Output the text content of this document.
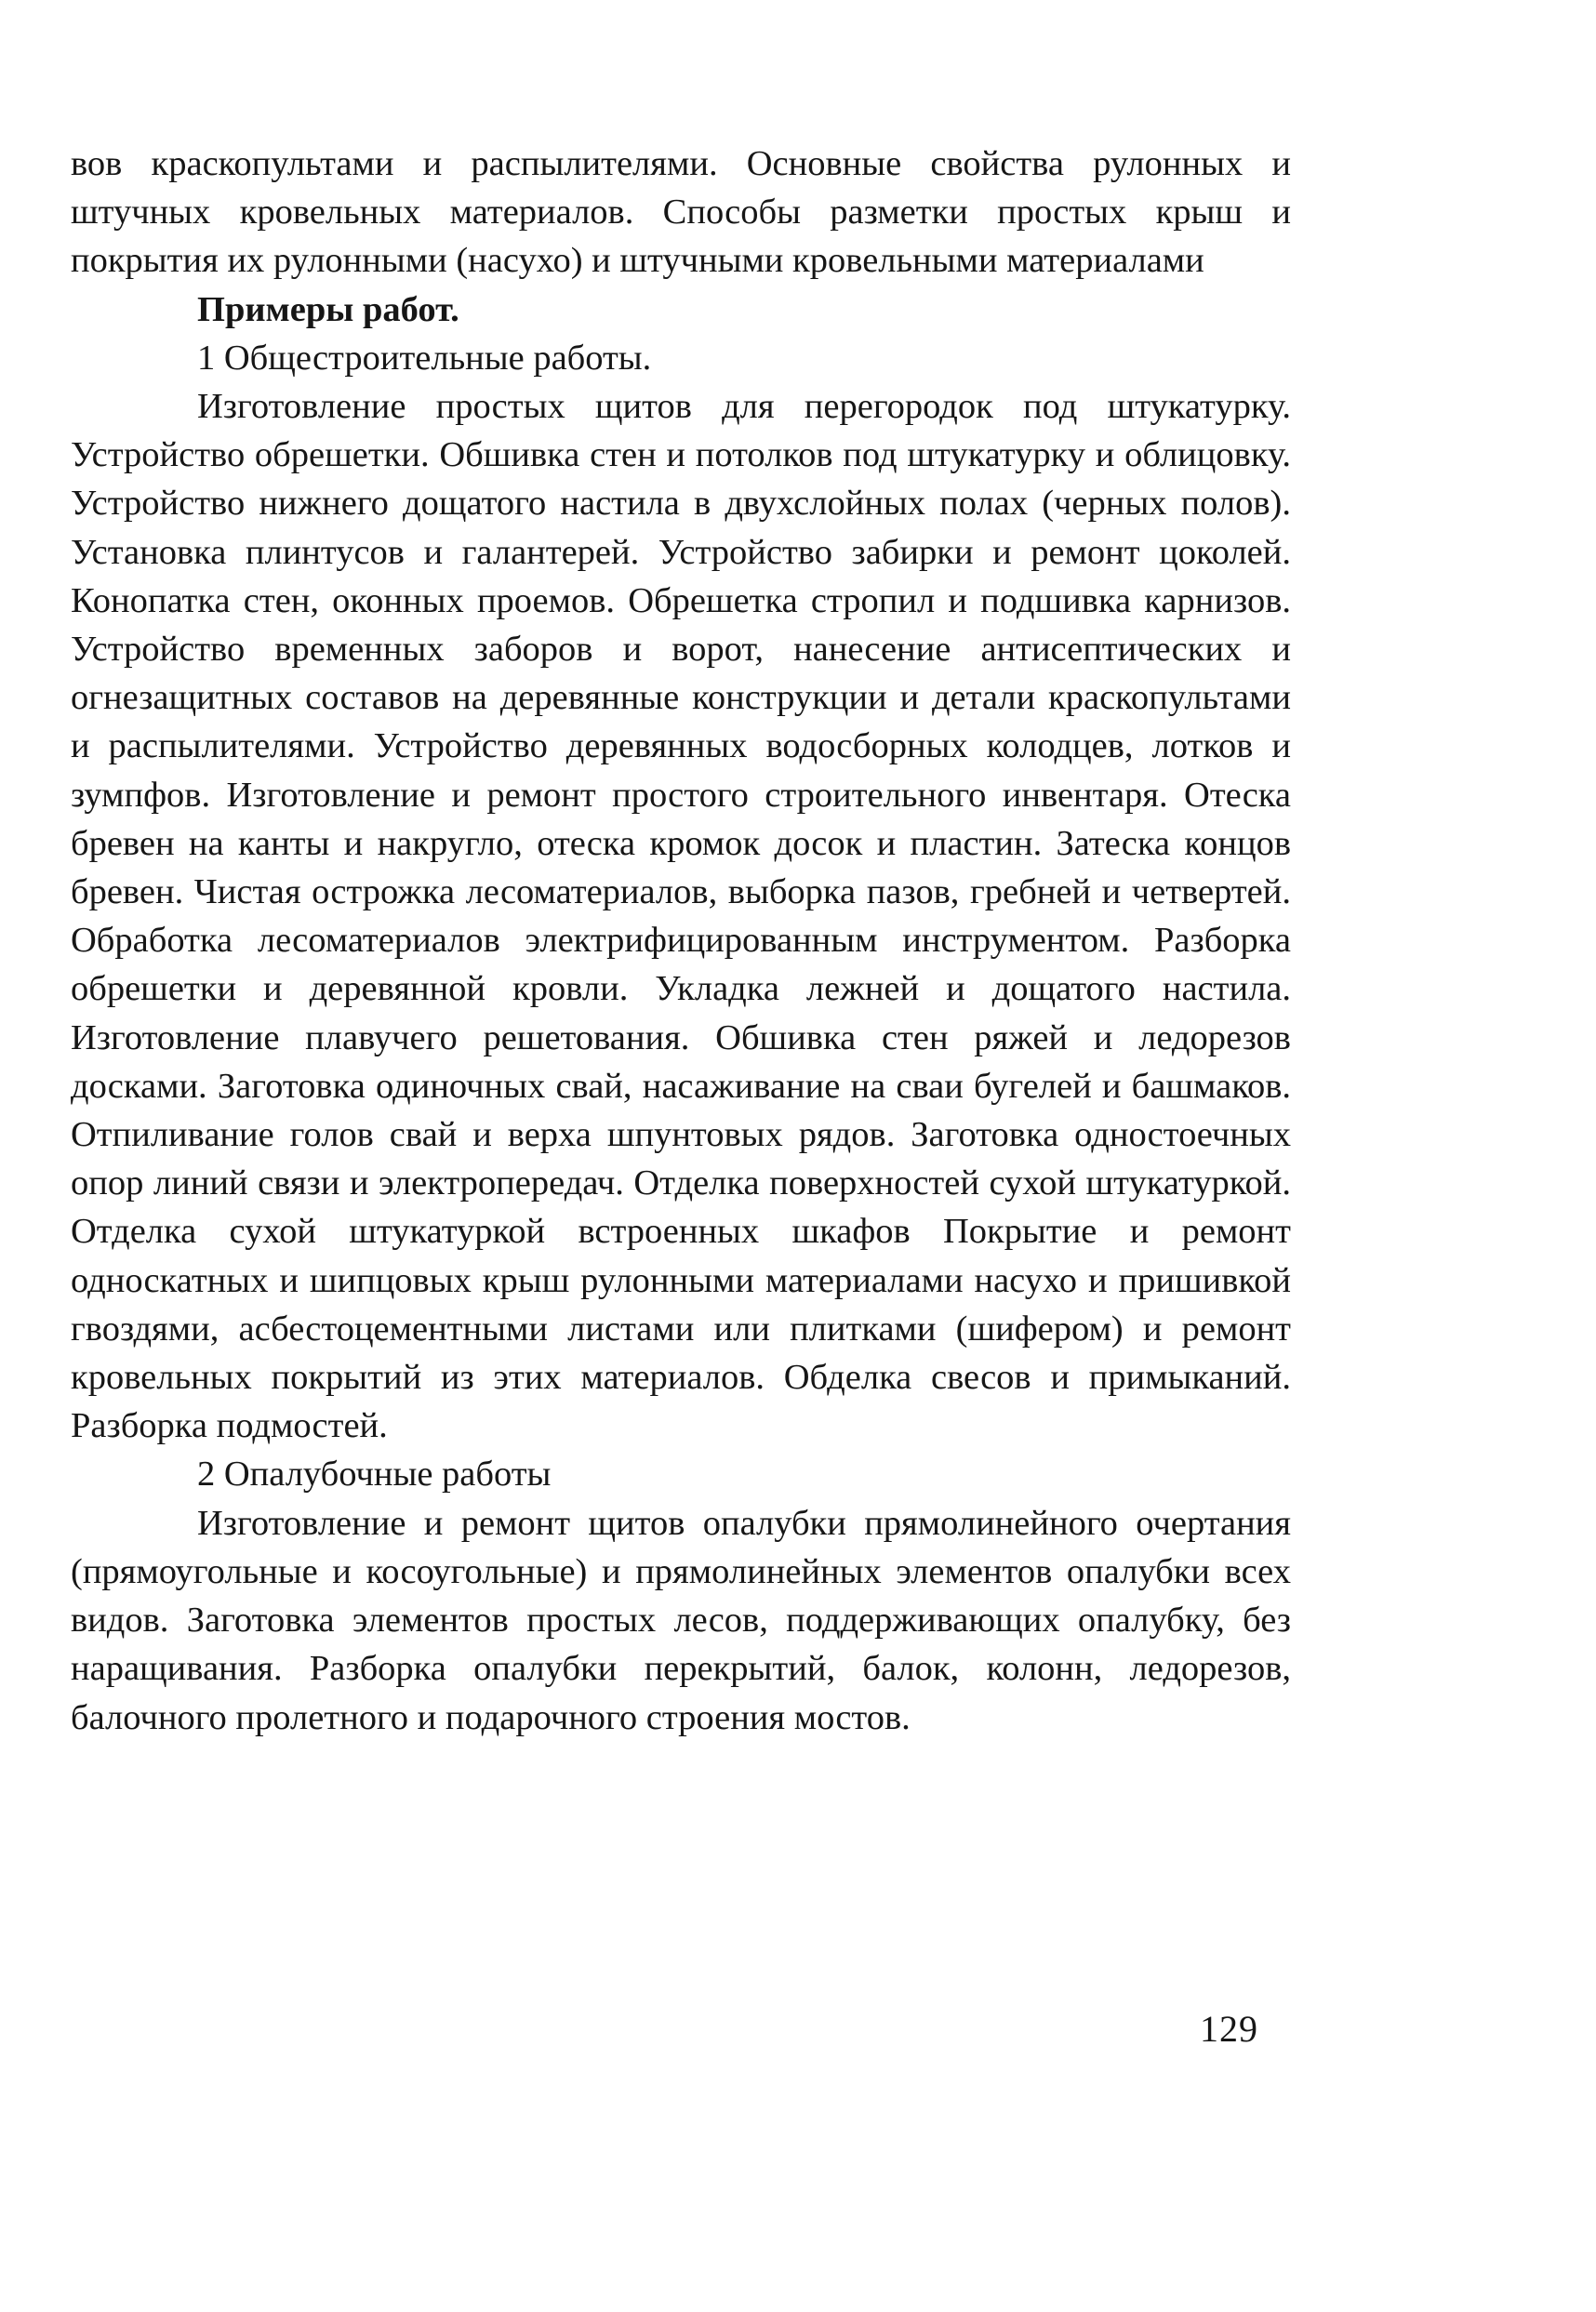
вов краскопультами и распылителями. Основные свойства рулонных и штучных кровельных материалов. Способы разметки простых крыш и покрытия их рулонными (насухо) и штучными кровельными материалами

Примеры работ.

1 Общестроительные работы.

Изготовление простых щитов для перегородок под штукатурку. Устройство обрешетки. Обшивка стен и потолков под штукатурку и облицовку. Устройство нижнего дощатого настила в двухслойных полах (черных полов). Установка плинтусов и галантерей. Устройство забирки и ремонт цоколей. Конопатка стен, оконных проемов. Обрешетка стропил и подшивка карнизов. Устройство временных заборов и ворот, нанесение антисептических и огнезащитных составов на деревянные конструкции и детали краскопультами и распылителями. Устройство деревянных водосборных колодцев, лотков и зумпфов. Изготовление и ремонт простого строительного инвентаря. Отеска бревен на канты и накругло, отеска кромок досок и пластин. Затеска концов бревен. Чистая острожка лесоматериалов, выборка пазов, гребней и четвертей. Обработка лесоматериалов электрифицированным инструментом. Разборка обрешетки и деревянной кровли. Укладка лежней и дощатого настила. Изготовление плавучего решетования. Обшивка стен ряжей и ледорезов досками. Заготовка одиночных свай, насаживание на сваи бугелей и башмаков. Отпиливание голов свай и верха шпунтовых рядов. Заготовка одностоечных опор линий связи и электропередач. Отделка поверхностей сухой штукатуркой. Отделка сухой штукатуркой встроенных шкафов Покрытие и ремонт односкатных и шипцовых крыш рулонными материалами насухо и пришивкой гвоздями, асбестоцементными листами или плитками (шифером) и ремонт кровельных покрытий из этих материалов. Обделка свесов и примыканий. Разборка подмостей.

2 Опалубочные работы

Изготовление и ремонт щитов опалубки прямолинейного очертания (прямоугольные и косоугольные) и прямолинейных элементов опалубки всех видов. Заготовка элементов простых лесов, поддерживающих опалубку, без наращивания. Разборка опалубки перекрытий, балок, колонн, ледорезов, балочного пролетного и подарочного строения мостов.

129
